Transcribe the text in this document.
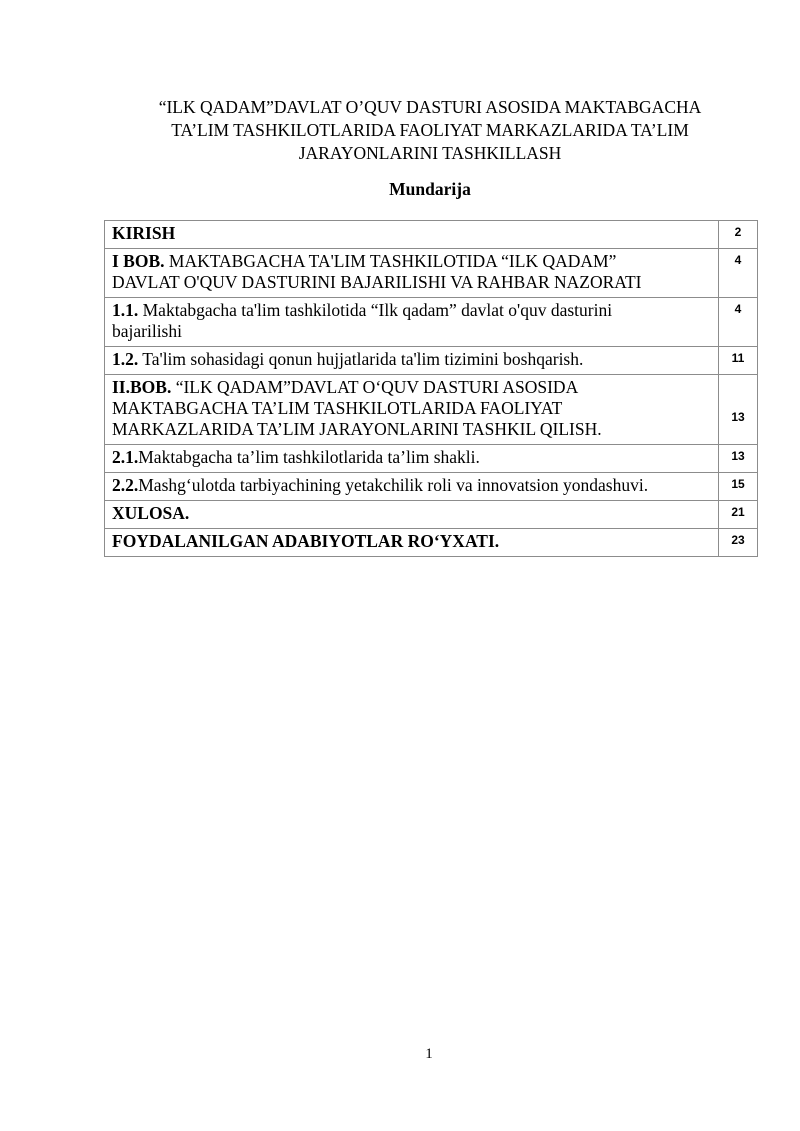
“ILK QADAM”DAVLAT O’QUV DASTURI ASOSIDA MAKTABGACHA
TA’LIM TASHKILOTLARIDA FAOLIYAT MARKAZLARIDA TA’LIM
JARAYONLARINI TASHKILLASH
Mundarija
KIRISH	2

I BOB. MAKTABGACHA TA'LIM TASHKILOTIDA “ILK QADAM”
DAVLAT O'QUV DASTURINI BAJARILISHI VA RAHBAR NAZORATI	4

1.1. Maktabgacha ta'lim tashkilotida “Ilk qadam” davlat o'quv dasturini
bajarilishi	4

1.2. Ta'lim sohasidagi qonun hujjatlarida ta'lim tizimini boshqarish.	11

II.BOB. “ILK QADAM”DAVLAT O‘QUV DASTURI ASOSIDA
MAKTABGACHA TA’LIM TASHKILOTLARIDA FAOLIYAT
MARKAZLARIDA TA’LIM JARAYONLARINI TASHKIL QILISH.	13

2.1.Maktabgacha ta’lim tashkilotlarida ta’lim shakli.	13

2.2.Mashg‘ulotda tarbiyachining yetakchilik roli va innovatsion yondashuvi.	15

XULOSA.	21

FOYDALANILGAN ADABIYOTLAR RO‘YXATI.	23
1
